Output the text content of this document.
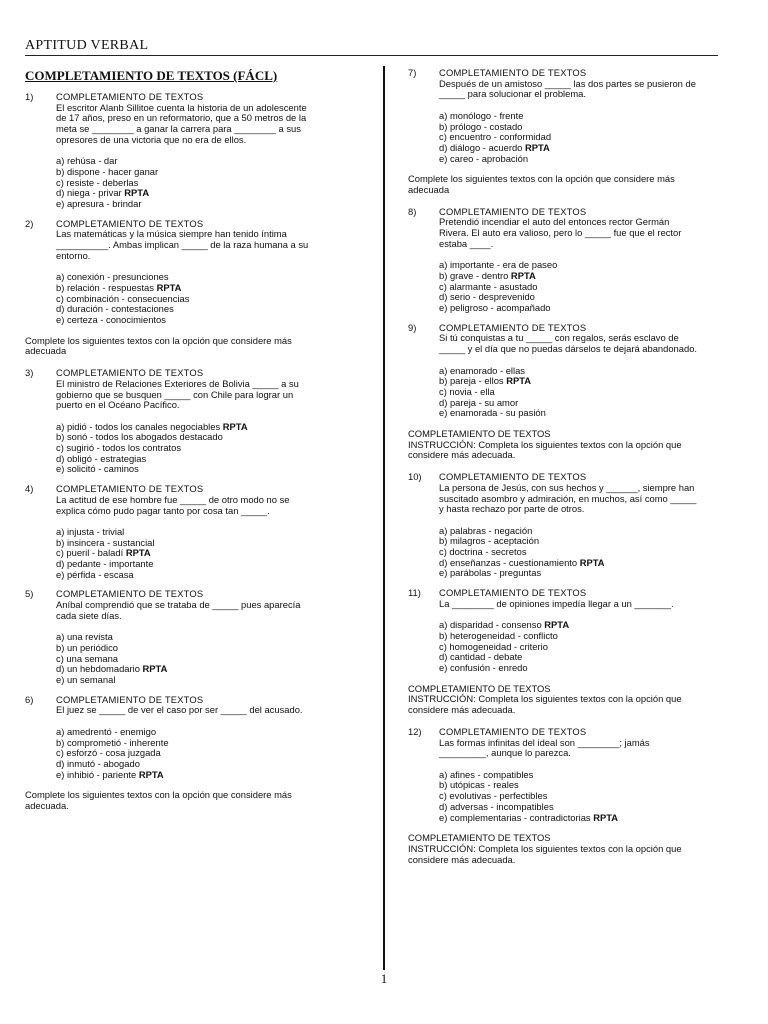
APTITUD VERBAL
COMPLETAMIENTO DE TEXTOS (FÁCL)
1)	COMPLETAMIENTO DE TEXTOS
El escritor Alanb Sillitoe cuenta la historia de un adolescente
de 17 años, preso en un reformatorio, que a 50 metros de la
meta se ________ a ganar la carrera para ________ a sus
opresores de una victoria que no era de ellos.
a) rehúsa - dar
b) dispone - hacer ganar
c) resiste - deberlas
d) niega - privar RPTA
e) apresura - brindar
2)	COMPLETAMIENTO DE TEXTOS
Las matemáticas y la música siempre han tenido íntima
__________. Ambas implican _____ de la raza humana a su
entorno.
a) conexión - presunciones
b) relación - respuestas RPTA
c) combinación - consecuencias
d) duración - contestaciones
e) certeza - conocimientos
Complete los siguientes textos con la opción que considere más
adecuada
3)	COMPLETAMIENTO DE TEXTOS
El ministro de Relaciones Exteriores de Bolivia _____ a su
gobierno que se busquen _____ con Chile para lograr un
puerto en el Océano Pacífico.
a) pidió - todos los canales negociables RPTA
b) sonó - todos los abogados destacado
c) sugirió - todos los contratos
d) obligó - estrategias
e) solicitó - caminos
4)	COMPLETAMIENTO DE TEXTOS
La actitud de ese hombre fue _____ de otro modo no se
explica cómo pudo pagar tanto por cosa tan _____.
a) injusta - trivial
b) insincera - sustancial
c) pueril - baladí RPTA
d) pedante - importante
e) pérfida - escasa
5)	COMPLETAMIENTO DE TEXTOS
Aníbal comprendió que se trataba de _____ pues aparecía
cada siete días.
a) una revista
b) un periódico
c) una semana
d) un hebdomadario RPTA
e) un semanal
6)	COMPLETAMIENTO DE TEXTOS
El juez se _____ de ver el caso por ser _____ del acusado.
a) amedrentó - enemigo
b) comprometió - inherente
c) esforzó - cosa juzgada
d) inmutó - abogado
e) inhibió - pariente RPTA
Complete los siguientes textos con la opción que considere más
adecuada.
7)	COMPLETAMIENTO DE TEXTOS
Después de un amistoso _____ las dos partes se pusieron de
_____ para solucionar el problema.
a) monólogo - frente
b) prólogo - costado
c) encuentro - conformidad
d) diálogo - acuerdo RPTA
e) careo - aprobación
Complete los siguientes textos con la opción que considere más
adecuada
8)	COMPLETAMIENTO DE TEXTOS
Pretendió incendiar el auto del entonces rector Germán
Rivera. El auto era valioso, pero lo _____ fue que el rector
estaba ____.
a) importante - era de paseo
b) grave - dentro RPTA
c) alarmante - asustado
d) serio - desprevenido
e) peligroso - acompañado
9)	COMPLETAMIENTO DE TEXTOS
Si tú conquistas a tu _____ con regalos, serás esclavo de
_____ y el día que no puedas dárselos te dejará abandonado.
a) enamorado - ellas
b) pareja - ellos RPTA
c) novia - ella
d) pareja - su amor
e) enamorada - su pasión
COMPLETAMIENTO DE TEXTOS
INSTRUCCIÓN: Completa los siguientes textos con la opción que
considere más adecuada.
10)	COMPLETAMIENTO DE TEXTOS
La persona de Jesús, con sus hechos y ______, siempre han
suscitado asombro y admiración, en muchos, así como _____
y hasta rechazo por parte de otros.
a) palabras - negación
b) milagros - aceptación
c) doctrina - secretos
d) enseñanzas - cuestionamiento RPTA
e) parábolas - preguntas
11)	COMPLETAMIENTO DE TEXTOS
La ________ de opiniones impedía llegar a un _______.
a) disparidad - consenso RPTA
b) heterogeneidad - conflicto
c) homogeneidad - criterio
d) cantidad - debate
e) confusión - enredo
COMPLETAMIENTO DE TEXTOS
INSTRUCCIÓN: Completa los siguientes textos con la opción que
considere más adecuada.
12)	COMPLETAMIENTO DE TEXTOS
Las formas infinitas del ideal son ________; jamás
_________, aunque lo parezca.
a) afines - compatibles
b) utópicas - reales
c) evolutivas - perfectibles
d) adversas - incompatibles
e) complementarias - contradictorias RPTA
COMPLETAMIENTO DE TEXTOS
INSTRUCCIÓN: Completa los siguientes textos con la opción que
considere más adecuada.
1
